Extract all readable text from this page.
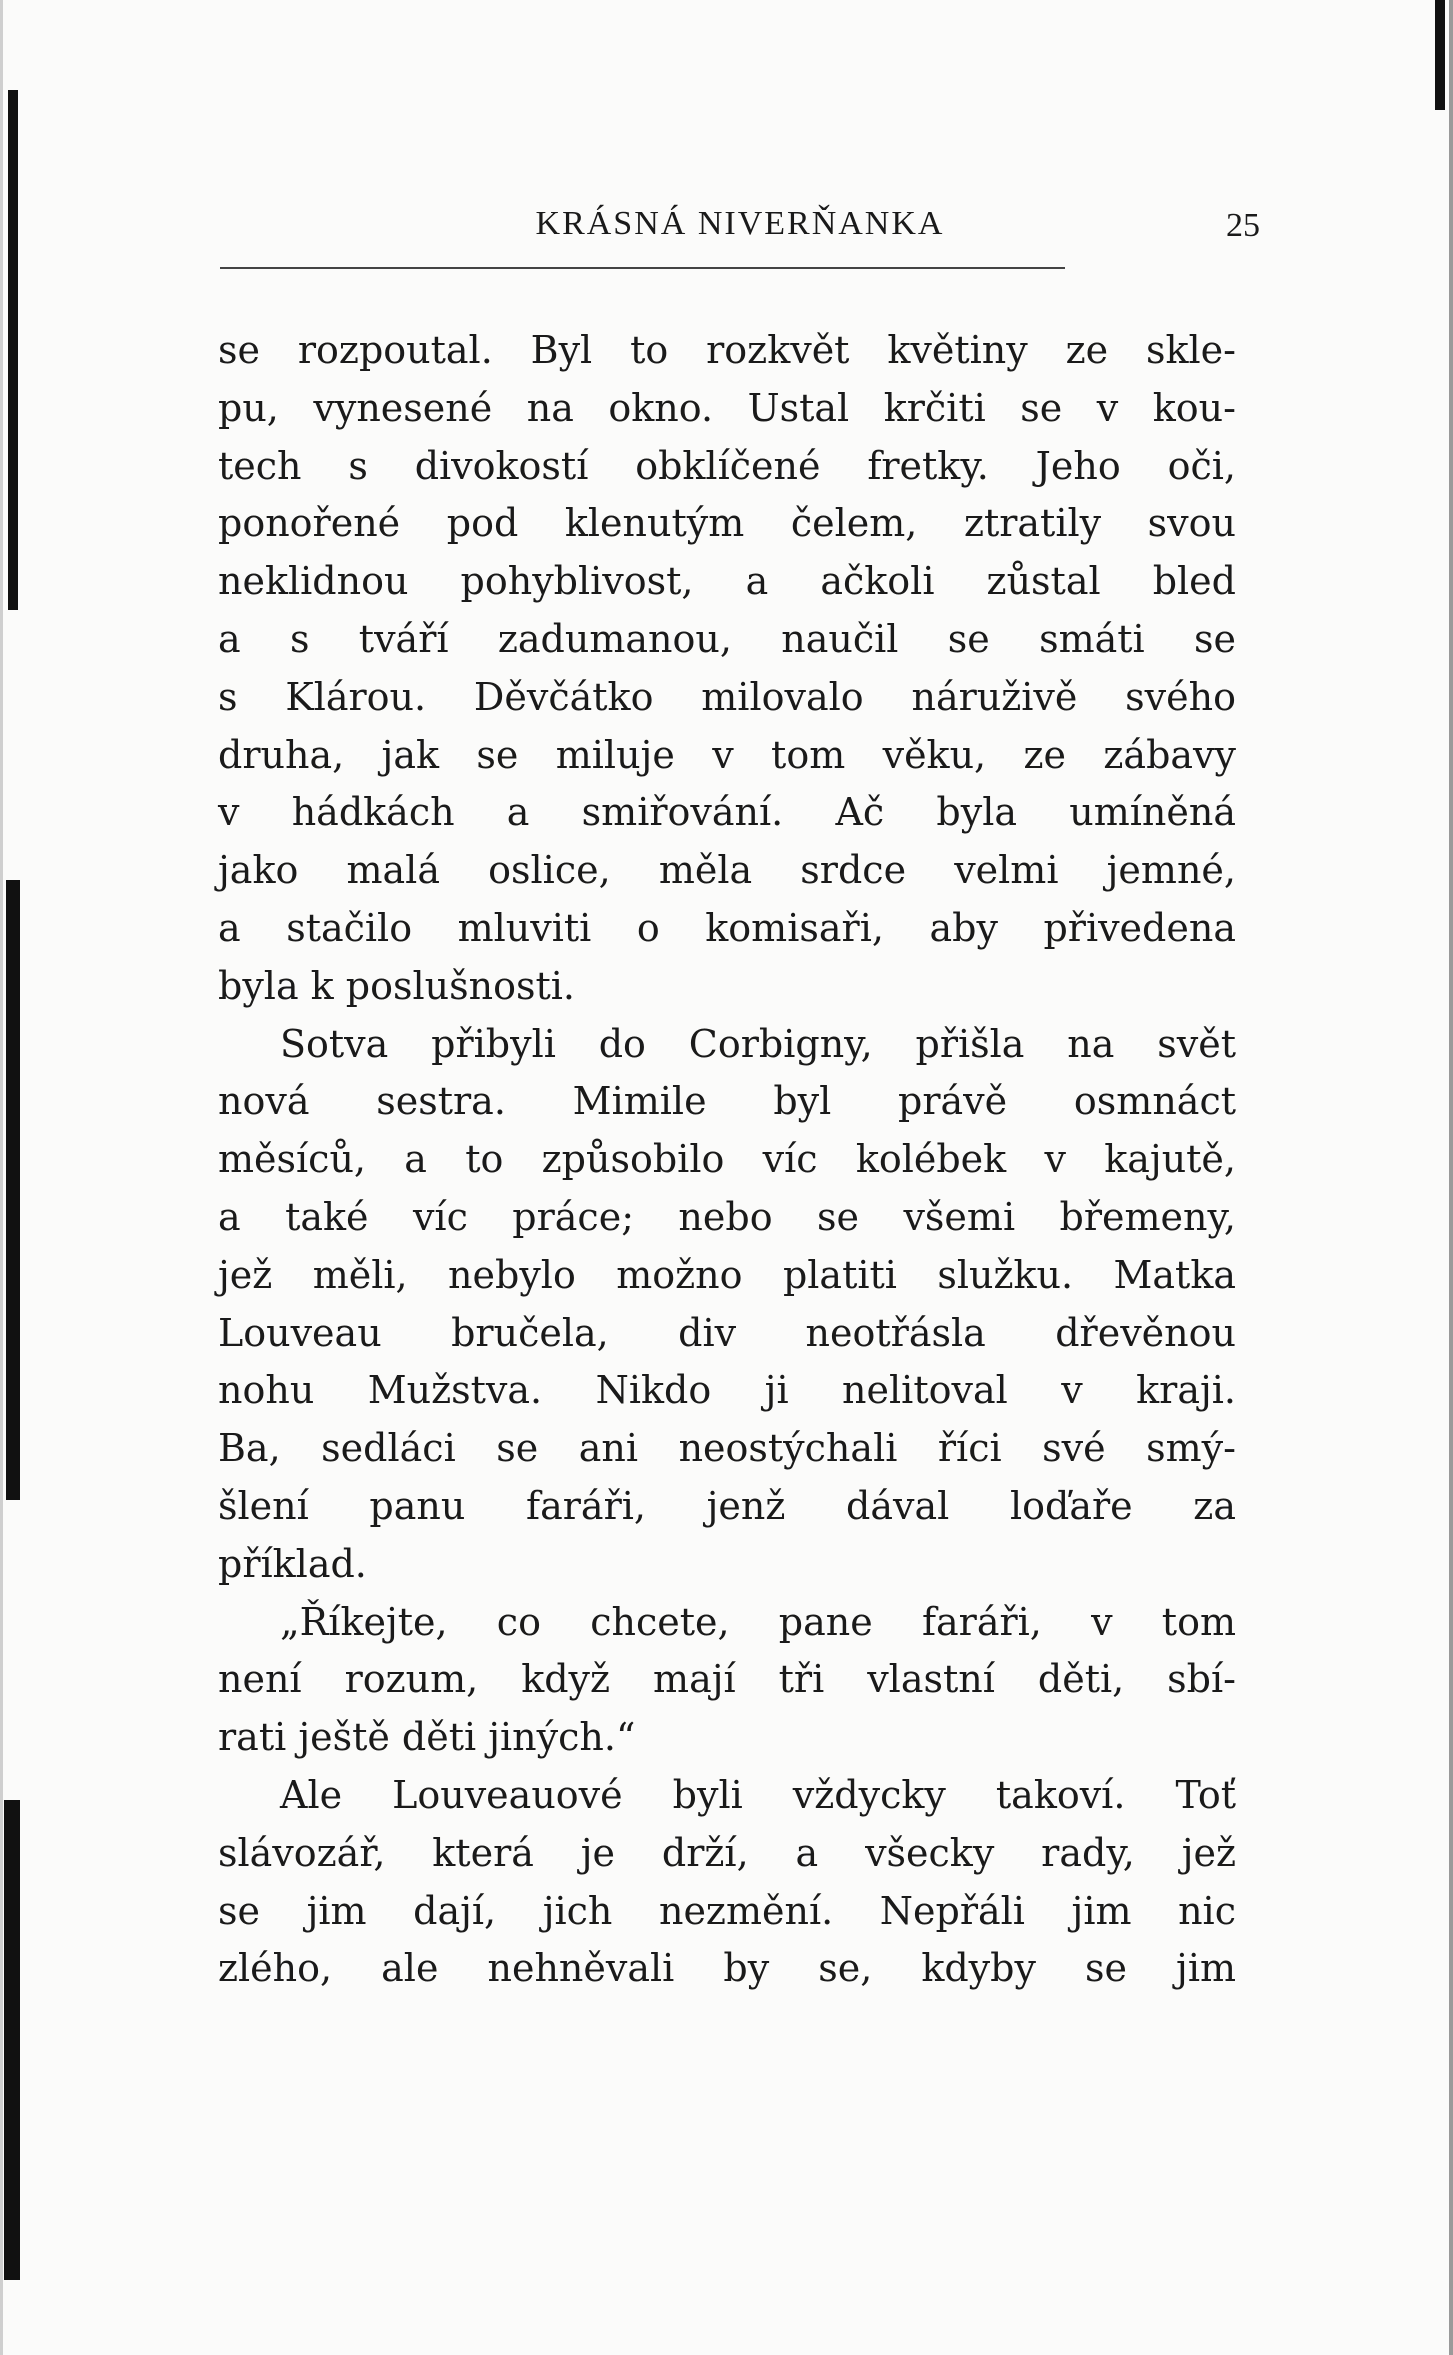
KRÁSNÁ NIVERŇANKA	25
se rozpoutal. Byl to rozkvět květiny ze skle-
pu, vynesené na okno. Ustal krčiti se v kou-
tech s divokostí obklíčené fretky. Jeho oči,
ponořené pod klenutým čelem, ztratily svou
neklidnou pohyblivost, a ačkoli zůstal bled
a s tváří zadumanou, naučil se smáti se
s Klárou. Děvčátko milovalo náruživě svého
druha, jak se miluje v tom věku, ze zábavy
v hádkách a smiřování. Ač byla umíněná
jako malá oslice, měla srdce velmi jemné,
a stačilo mluviti o komisaři, aby přivedena
byla k poslušnosti.
Sotva přibyli do Corbigny, přišla na svět
nová sestra. Mimile byl právě osmnáct
měsíců, a to způsobilo víc kolébek v kajutě,
a také víc práce; nebo se všemi břemeny,
jež měli, nebylo možno platiti služku. Matka
Louveau bručela, div neotřásla dřevěnou
nohu Mužstva. Nikdo ji nelitoval v kraji.
Ba, sedláci se ani neostýchali říci své smý-
šlení panu faráři, jenž dával loďaře za
příklad.
„Říkejte, co chcete, pane faráři, v tom
není rozum, když mají tři vlastní děti, sbí-
rati ještě děti jiných.“
Ale Louveauové byli vždycky takoví. Toť
slávozář, která je drží, a všecky rady, jež
se jim dají, jich nezmění. Nepřáli jim nic
zlého, ale nehněvali by se, kdyby se jim
